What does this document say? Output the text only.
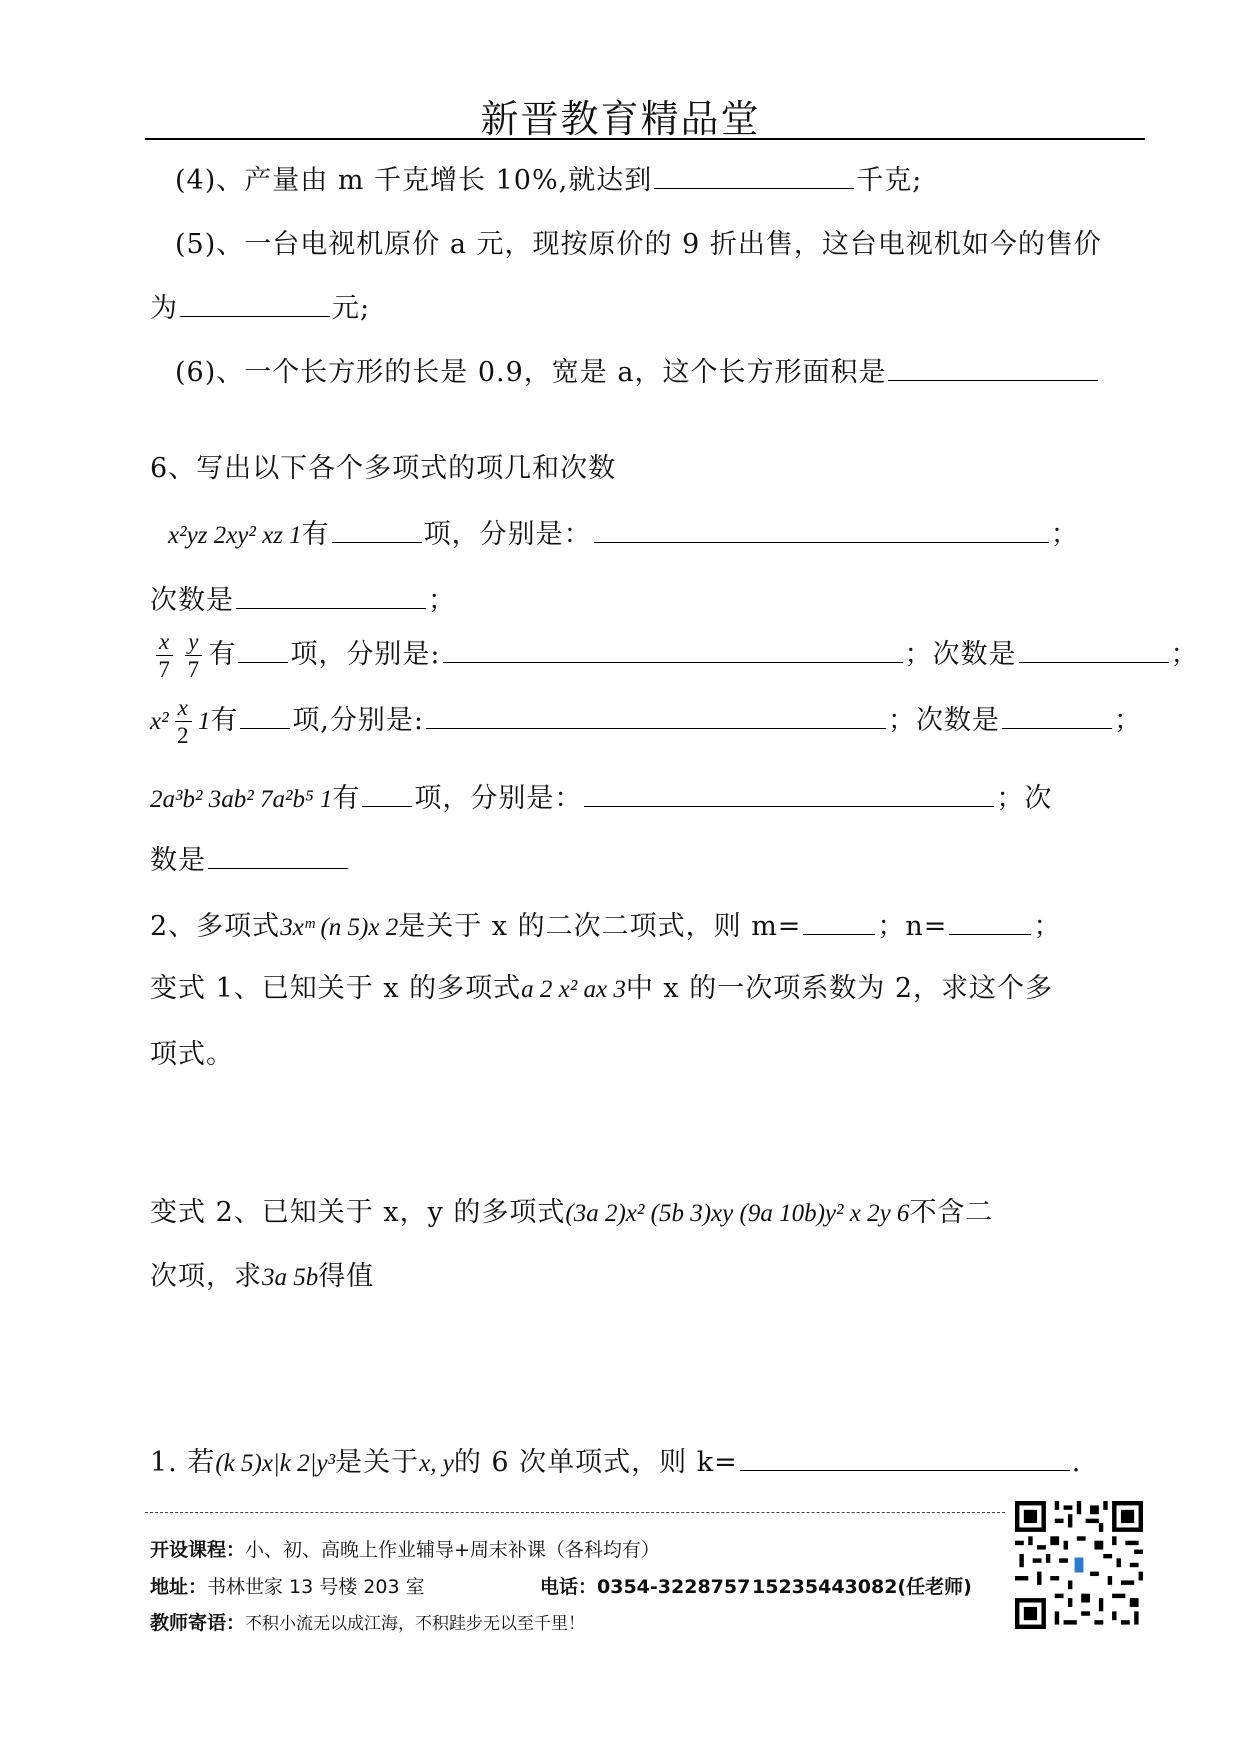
新晋教育精品堂
(4)、产量由 m 千克增长 10%,就达到	千克;
(5)、一台电视机原价 a 元，现按原价的 9 折出售，这台电视机如今的售价
为	元;
(6)、一个长方形的长是 0.9，宽是 a，这个长方形面积是
6、写出以下各个多项式的项几和次数
x²yz 2xy² xz 1有	项，分别是：	；
次数是	；
$\frac{x}{7} \frac{y}{7}$ 有 项，分别是:	；次数是	；
$x^2 \frac{x}{2} 1$有 项,分别是:	；次数是	；
2a³b² 3ab² 7a²b⁵ 1有 项，分别是：	；次
数是
2、多项式3xᵐ (n 5)x 2是关于 x 的二次二项式，则 m=	；n=	；
变式 1、已知关于 x 的多项式a 2 x² ax 3中 x 的一次项系数为 2，求这个多
项式。
变式 2、已知关于 x，y 的多项式(3a 2)x² (5b 3)xy (9a 10b)y² x 2y 6不含二
次项，求3a 5b得值
1. 若(k 5)x|k 2|y³是关于x, y的 6 次单项式，则 k=	.
开设课程：小、初、高晚上作业辅导+周末补课（各科均有）
地址：书林世家 13 号楼 203 室	电话：0354-3228757 15235443082(任老师)
教师寄语：不积小流无以成江海，不积跬步无以至千里！
